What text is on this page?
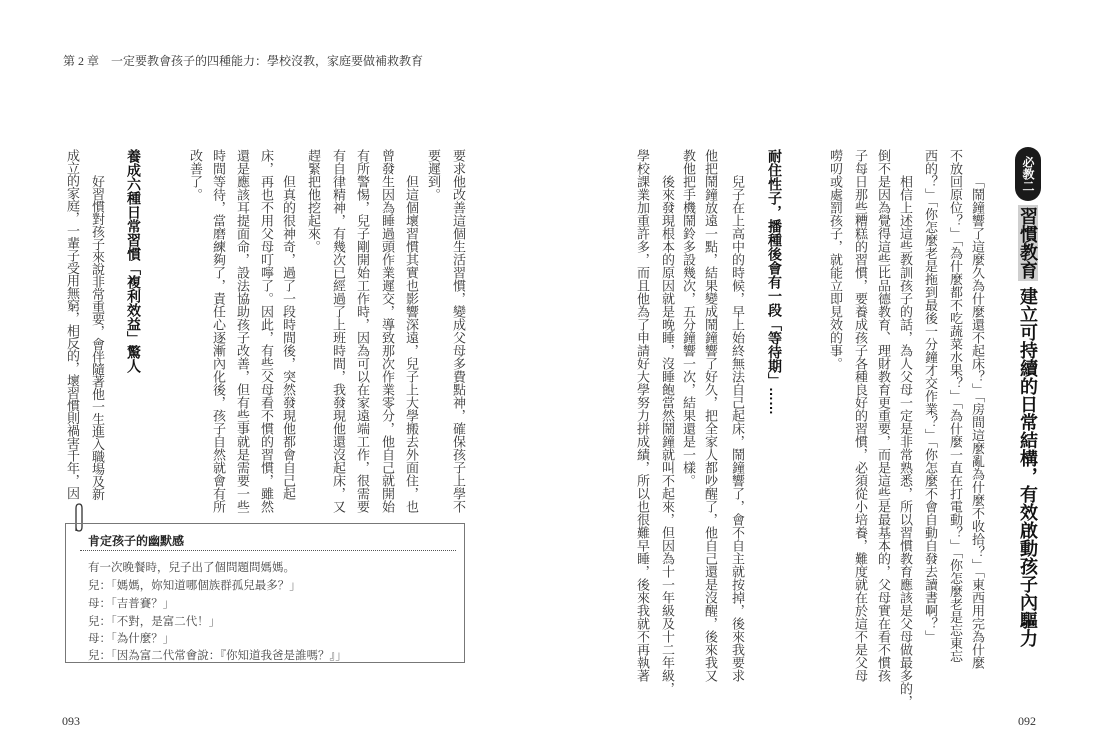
第 2 章　一定要教會孩子的四種能力：學校沒教，家庭要做補救教育
要求他改善這個生活習慣，變成父母多費點神，確保孩子上學不
要遲到。
但這個壞習慣其實也影響深遠，兒子上大學搬去外面住，也
曾發生因為睡過頭作業遲交，導致那次作業零分，他自己就開始
有所警惕，兒子剛開始工作時，因為可以在家遠端工作，很需要
有自律精神，有幾次已經過了上班時間，我發現他還沒起床，又
趕緊把他挖起來。
但真的很神奇，過了一段時間後，突然發現他都會自己起
床，再也不用父母叮嚀了。因此，有些父母看不慣的習慣，雖然
還是應該耳提面命，設法協助孩子改善，但有些事就是需要一些
時間等待，當磨練夠了，責任心逐漸內化後，孩子自然就會有所
改善了。
養成六種日常習慣「複利效益」驚人
好習慣對孩子來說非常重要，會伴隨著他一生進入職場及新
成立的家庭，一輩子受用無窮，相反的，壞習慣則禍害千年，因
肯定孩子的幽默感
有一次晚餐時，兒子出了個問題問媽媽。
兒：「媽媽，妳知道哪個族群孤兒最多？」
母：「吉普賽？」
兒：「不對，是富二代！」
母：「為什麼？」
兒：「因為富二代常會說：『你知道我爸是誰嗎？』」
093
必教二
習慣教育建立可持續的日常結構，有效啟動孩子內驅力
「鬧鐘響了這麼久為什麼還不起床？」「房間這麼亂為什麼不收拾？」「東西用完為什麼
不放回原位？」「為什麼都不吃蔬菜水果？」「為什麼一直在打電動？」「你怎麼老是忘東忘
西的？」「你怎麼老是拖到最後一分鐘才交作業？」「你怎麼不會自動自發去讀書啊？」
相信上述這些教訓孩子的話，為人父母一定是非常熟悉，所以習慣教育應該是父母做最多的，
倒不是因為覺得這些比品德教育、理財教育更重要，而是這些是最基本的，父母實在看不慣孩
子每日那些糟糕的習慣，要養成孩子各種良好的習慣，必須從小培養，難度就在於這不是父母
嘮叨或處罰孩子，就能立即見效的事。
耐住性子，播種後會有一段「等待期」……
兒子在上高中的時候，早上始終無法自己起床，鬧鐘響了，會不自主就按掉，後來我要求
他把鬧鐘放遠一點，結果變成鬧鐘響了好久，把全家人都吵醒了，他自己還是沒醒，後來我又
教他把手機鬧鈴多設幾次，五分鐘響一次，結果還是一樣。
後來發現根本的原因就是晚睡，沒睡飽當然鬧鐘就叫不起來，但因為十一年級及十二年級，
學校課業加重許多，而且他為了申請好大學努力拼成績，所以也很難早睡，後來我就不再執著
092
